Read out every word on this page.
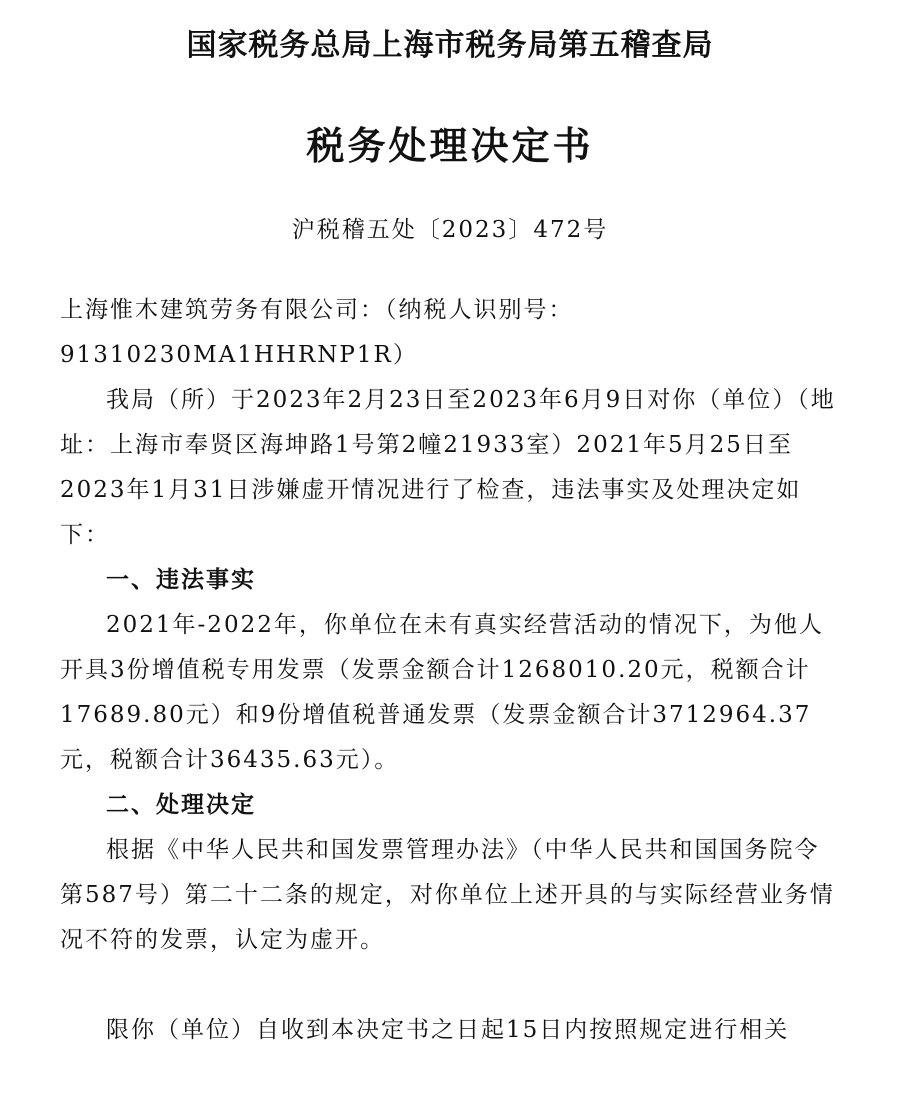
国家税务总局上海市税务局第五稽查局
税务处理决定书
沪税稽五处〔2023〕472号

上海惟木建筑劳务有限公司：（纳税人识别号：

91310230MA1HHRNP1R）

我局（所）于2023年2月23日至2023年6月9日对你（单位）（地址：上海市奉贤区海坤路1号第2幢21933室）2021年5月25日至2023年1月31日涉嫌虚开情况进行了检查，违法事实及处理决定如下：

一、违法事实

2021年-2022年，你单位在未有真实经营活动的情况下，为他人开具3份增值税专用发票（发票金额合计1268010.20元，税额合计17689.80元）和9份增值税普通发票（发票金额合计3712964.37元，税额合计36435.63元）。

二、处理决定

根据《中华人民共和国发票管理办法》（中华人民共和国国务院令第587号）第二十二条的规定，对你单位上述开具的与实际经营业务情况不符的发票，认定为虚开。

限你（单位）自收到本决定书之日起15日内按照规定进行相关
